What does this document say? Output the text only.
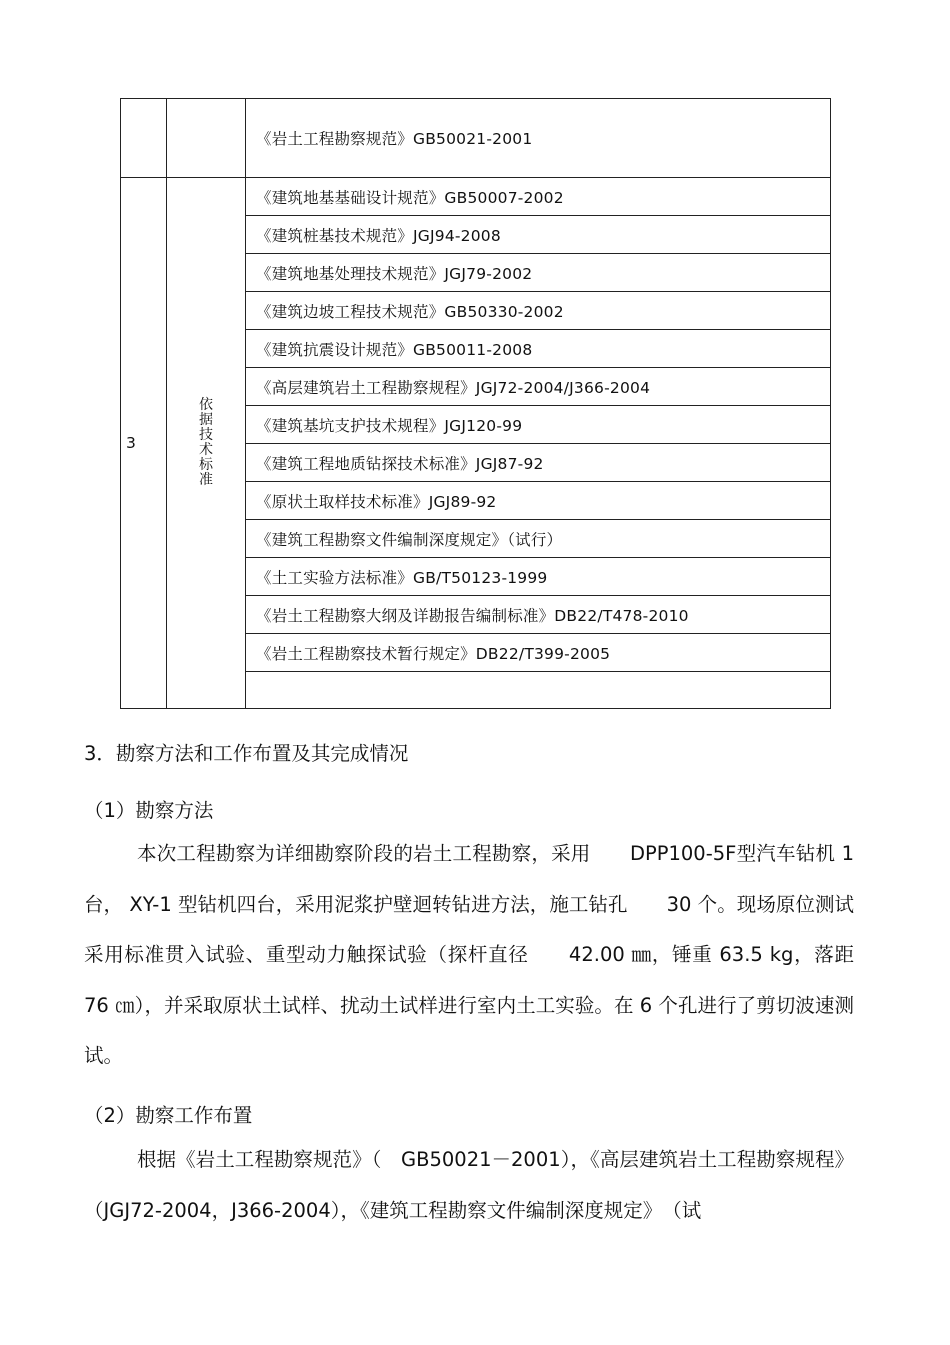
		《岩土工程勘察规范》GB50021-2001
3	依据技术标准	《建筑地基基础设计规范》GB50007-2002
		《建筑桩基技术规范》JGJ94-2008
		《建筑地基处理技术规范》JGJ79-2002
		《建筑边坡工程技术规范》GB50330-2002
		《建筑抗震设计规范》GB50011-2008
		《高层建筑岩土工程勘察规程》JGJ72-2004/J366-2004
		《建筑基坑支护技术规程》JGJ120-99
		《建筑工程地质钻探技术标准》JGJ87-92
		《原状土取样技术标准》JGJ89-92
		《建筑工程勘察文件编制深度规定》（试行）
		《土工实验方法标准》GB/T50123-1999
		《岩土工程勘察大纲及详勘报告编制标准》DB22/T478-2010
		《岩土工程勘察技术暂行规定》DB22/T399-2005

3．勘察方法和工作布置及其完成情况
（1）勘察方法
本次工程勘察为详细勘察阶段的岩土工程勘察，采用　　DPP100-5F型汽车钻机 1 台， XY-1 型钻机四台，采用泥浆护壁迴转钻进方法，施工钻孔　　30 个。现场原位测试采用标准贯入试验、重型动力触探试验（探杆直径　　42.00 ㎜，锤重 63.5 kg，落距 76 ㎝），并采取原状土试样、扰动土试样进行室内土工实验。在 6 个孔进行了剪切波速测试。
（2）勘察工作布置
根据《岩土工程勘察规范》（　GB50021－2001），《高层建筑岩土工程勘察规程》（JGJ72-2004，J366-2004），《建筑工程勘察文件编制深度规定》　（试
